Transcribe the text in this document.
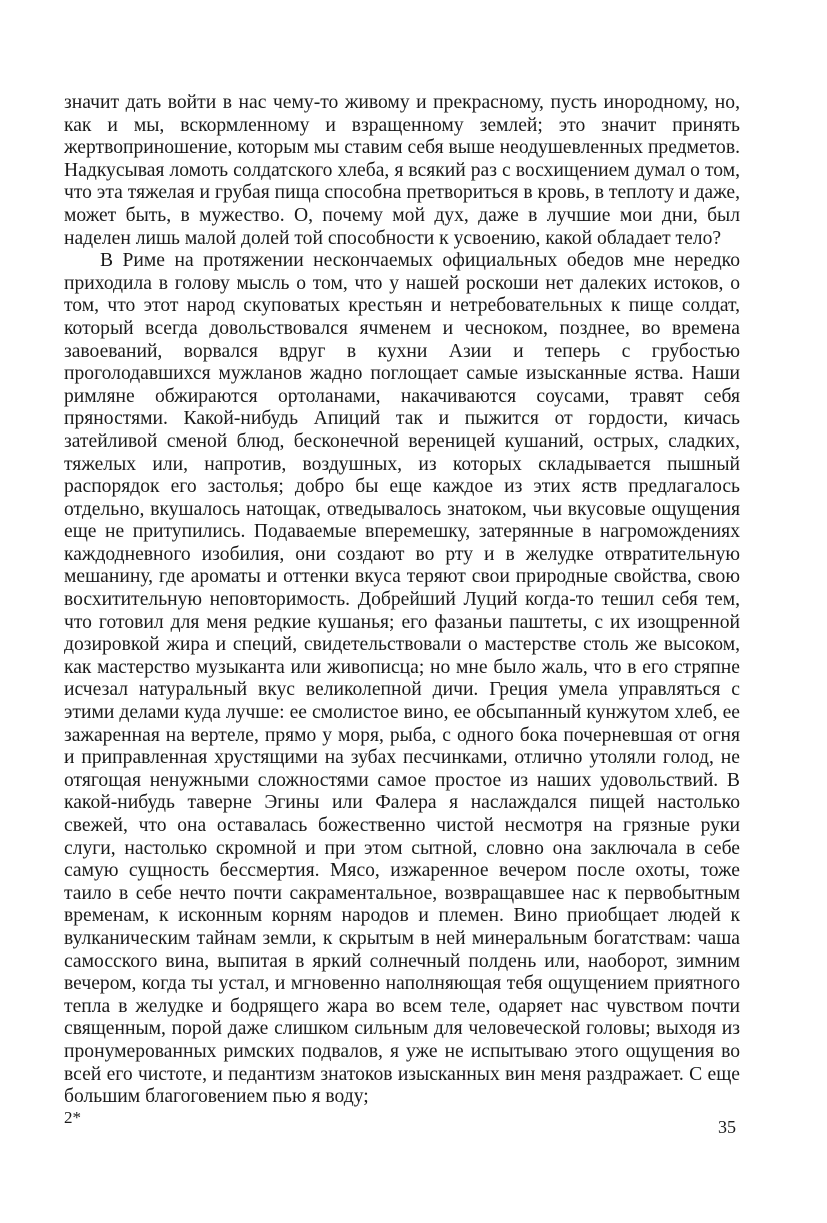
значит дать войти в нас чему-то живому и прекрасному, пусть инородному, но, как и мы, вскормленному и взращенному землей; это значит принять жертвоприношение, которым мы ставим себя выше неодушевленных предметов. Надкусывая ломоть солдатского хлеба, я всякий раз с восхищением думал о том, что эта тяжелая и грубая пища способна претвориться в кровь, в теплоту и даже, может быть, в мужество. О, почему мой дух, даже в лучшие мои дни, был наделен лишь малой долей той способности к усвоению, какой обладает тело?

В Риме на протяжении нескончаемых официальных обедов мне нередко приходила в голову мысль о том, что у нашей роскоши нет далеких истоков, о том, что этот народ скуповатых крестьян и нетребовательных к пище солдат, который всегда довольствовался ячменем и чесноком, позднее, во времена завоеваний, ворвался вдруг в кухни Азии и теперь с грубостью проголодавшихся мужланов жадно поглощает самые изысканные яства. Наши римляне обжираются ортоланами, накачиваются соусами, травят себя пряностями. Какой-нибудь Апиций так и пыжится от гордости, кичась затейливой сменой блюд, бесконечной вереницей кушаний, острых, сладких, тяжелых или, напротив, воздушных, из которых складывается пышный распорядок его застолья; добро бы еще каждое из этих яств предлагалось отдельно, вкушалось натощак, отведывалось знатоком, чьи вкусовые ощущения еще не притупились. Подаваемые вперемешку, затерянные в нагромождениях каждодневного изобилия, они создают во рту и в желудке отвратительную мешанину, где ароматы и оттенки вкуса теряют свои природные свойства, свою восхитительную неповторимость. Добрейший Луций когда-то тешил себя тем, что готовил для меня редкие кушанья; его фазаньи паштеты, с их изощренной дозировкой жира и специй, свидетельствовали о мастерстве столь же высоком, как мастерство музыканта или живописца; но мне было жаль, что в его стряпне исчезал натуральный вкус великолепной дичи. Греция умела управляться с этими делами куда лучше: ее смолистое вино, ее обсыпанный кунжутом хлеб, ее зажаренная на вертеле, прямо у моря, рыба, с одного бока почерневшая от огня и приправленная хрустящими на зубах песчинками, отлично утоляли голод, не отягощая ненужными сложностями самое простое из наших удовольствий. В какой-нибудь таверне Эгины или Фалера я наслаждался пищей настолько свежей, что она оставалась божественно чистой несмотря на грязные руки слуги, настолько скромной и при этом сытной, словно она заключала в себе самую сущность бессмертия. Мясо, изжаренное вечером после охоты, тоже таило в себе нечто почти сакраментальное, возвращавшее нас к первобытным временам, к исконным корням народов и племен. Вино приобщает людей к вулканическим тайнам земли, к скрытым в ней минеральным богатствам: чаша самосского вина, выпитая в яркий солнечный полдень или, наоборот, зимним вечером, когда ты устал, и мгновенно наполняющая тебя ощущением приятного тепла в желудке и бодрящего жара во всем теле, одаряет нас чувством почти священным, порой даже слишком сильным для человеческой головы; выходя из пронумерованных римских подвалов, я уже не испытываю этого ощущения во всей его чистоте, и педантизм знатоков изысканных вин меня раздражает. С еще большим благоговением пью я воду;

2*	35
